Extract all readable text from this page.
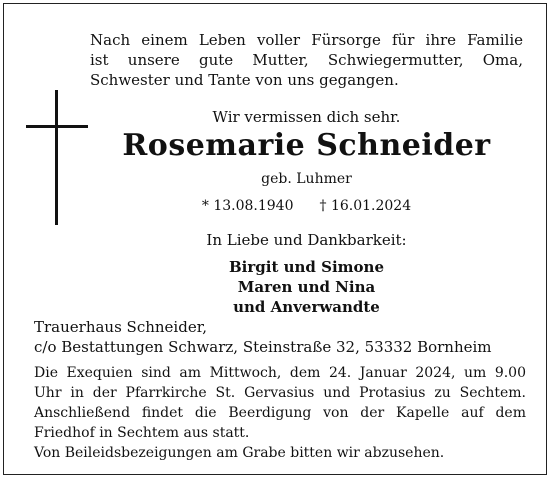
Nach einem Leben voller Fürsorge für ihre Familie
ist unsere gute Mutter, Schwiegermutter, Oma,
Schwester und Tante von uns gegangen.
Wir vermissen dich sehr.
Rosemarie Schneider
geb. Luhmer
* 13.08.1940 † 16.01.2024
In Liebe und Dankbarkeit:
Birgit und Simone
Maren und Nina
und Anverwandte
Trauerhaus Schneider,
c/o Bestattungen Schwarz, Steinstraße 32, 53332 Bornheim
Die Exequien sind am Mittwoch, dem 24. Januar 2024, um 9.00
Uhr in der Pfarrkirche St. Gervasius und Protasius zu Sechtem.
Anschließend findet die Beerdigung von der Kapelle auf dem
Friedhof in Sechtem aus statt.
Von Beileidsbezeigungen am Grabe bitten wir abzusehen.
